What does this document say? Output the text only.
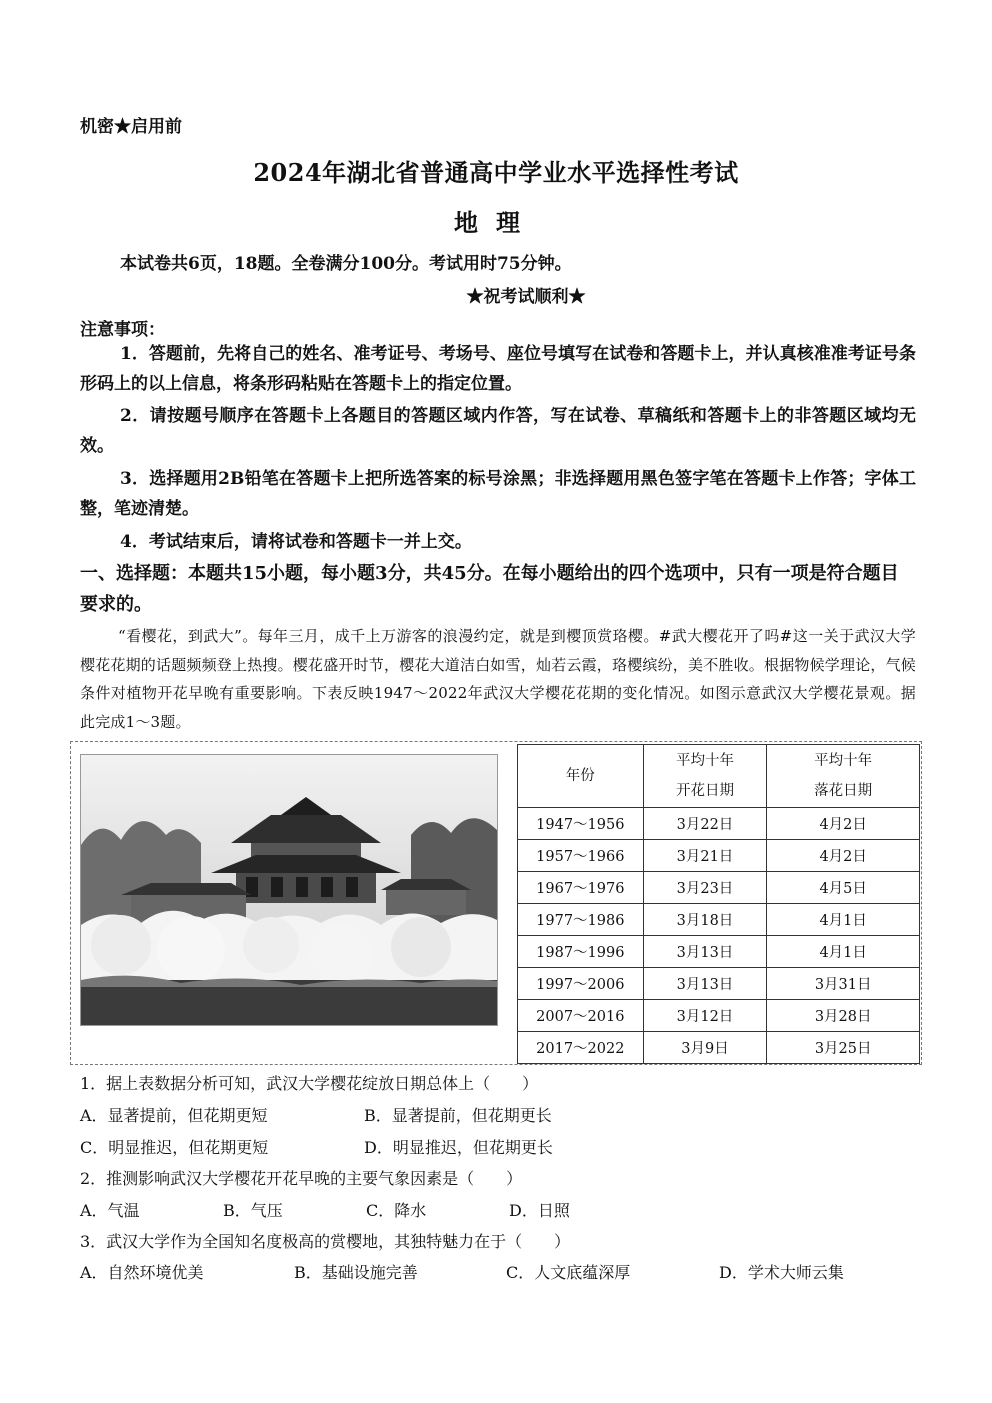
机密★启用前
2024年湖北省普通高中学业水平选择性考试
地理
本试卷共6页，18题。全卷满分100分。考试用时75分钟。
★祝考试顺利★
注意事项：
1．答题前，先将自己的姓名、准考证号、考场号、座位号填写在试卷和答题卡上，并认真核准准考证号条形码上的以上信息，将条形码粘贴在答题卡上的指定位置。
2．请按题号顺序在答题卡上各题目的答题区域内作答，写在试卷、草稿纸和答题卡上的非答题区域均无效。
3．选择题用2B铅笔在答题卡上把所选答案的标号涂黑；非选择题用黑色签字笔在答题卡上作答；字体工整，笔迹清楚。
4．考试结束后，请将试卷和答题卡一并上交。
一、选择题：本题共15小题，每小题3分，共45分。在每小题给出的四个选项中，只有一项是符合题目要求的。
“看樱花，到武大”。每年三月，成千上万游客的浪漫约定，就是到樱顶赏珞樱。#武大樱花开了吗#这一关于武汉大学樱花花期的话题频频登上热搜。樱花盛开时节，樱花大道洁白如雪，灿若云霞，珞樱缤纷，美不胜收。根据物候学理论，气候条件对植物开花早晚有重要影响。下表反映1947～2022年武汉大学樱花花期的变化情况。如图示意武汉大学樱花景观。据此完成1～3题。
年份	平均十年开花日期	平均十年落花日期

1947～1956	3月22日	4月2日
1957～1966	3月21日	4月2日
1967～1976	3月23日	4月5日
1977～1986	3月18日	4月1日
1987～1996	3月13日	4月1日
1997～2006	3月13日	3月31日
2007～2016	3月12日	3月28日
2017～2022	3月9日	3月25日
1．据上表数据分析可知，武汉大学樱花绽放日期总体上（　　）
A．显著提前，但花期更短	B．显著提前，但花期更长
C．明显推迟，但花期更短	D．明显推迟，但花期更长
2．推测影响武汉大学樱花开花早晚的主要气象因素是（　　）
A．气温	B．气压	C．降水	D．日照
3．武汉大学作为全国知名度极高的赏樱地，其独特魅力在于（　　）
A．自然环境优美	B．基础设施完善	C．人文底蕴深厚	D．学术大师云集
